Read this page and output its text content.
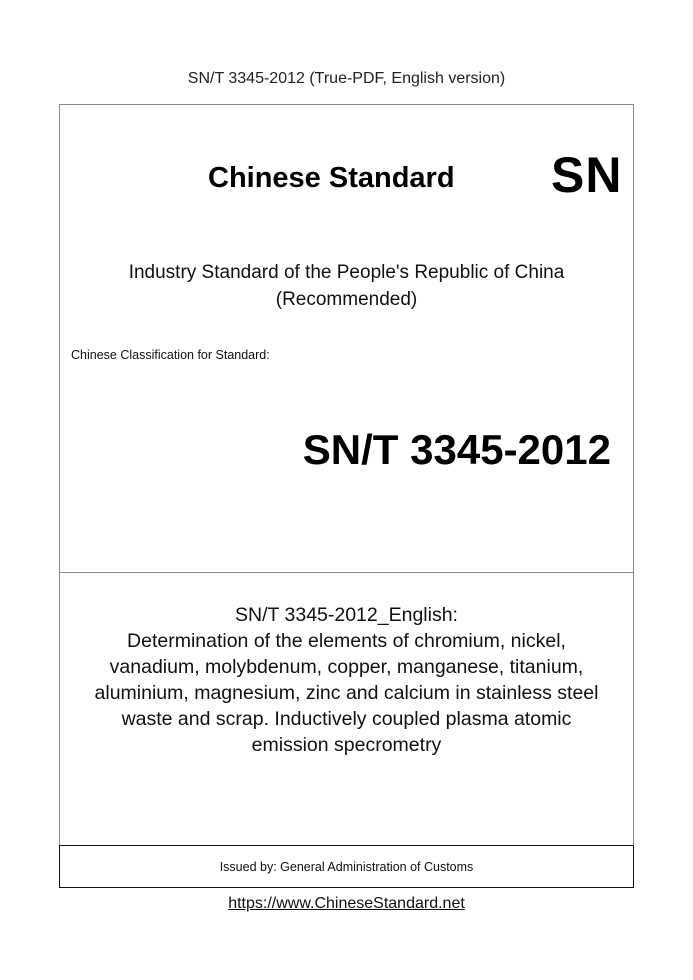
SN/T 3345-2012 (True-PDF, English version)
Chinese Standard SN
Industry Standard of the People's Republic of China
(Recommended)
Chinese Classification for Standard:
SN/T 3345-2012
SN/T 3345-2012_English:
Determination of the elements of chromium, nickel,
vanadium, molybdenum, copper, manganese, titanium,
aluminium, magnesium, zinc and calcium in stainless steel
waste and scrap. Inductively coupled plasma atomic
emission specrometry
Issued by: General Administration of Customs
https://www.ChineseStandard.net
